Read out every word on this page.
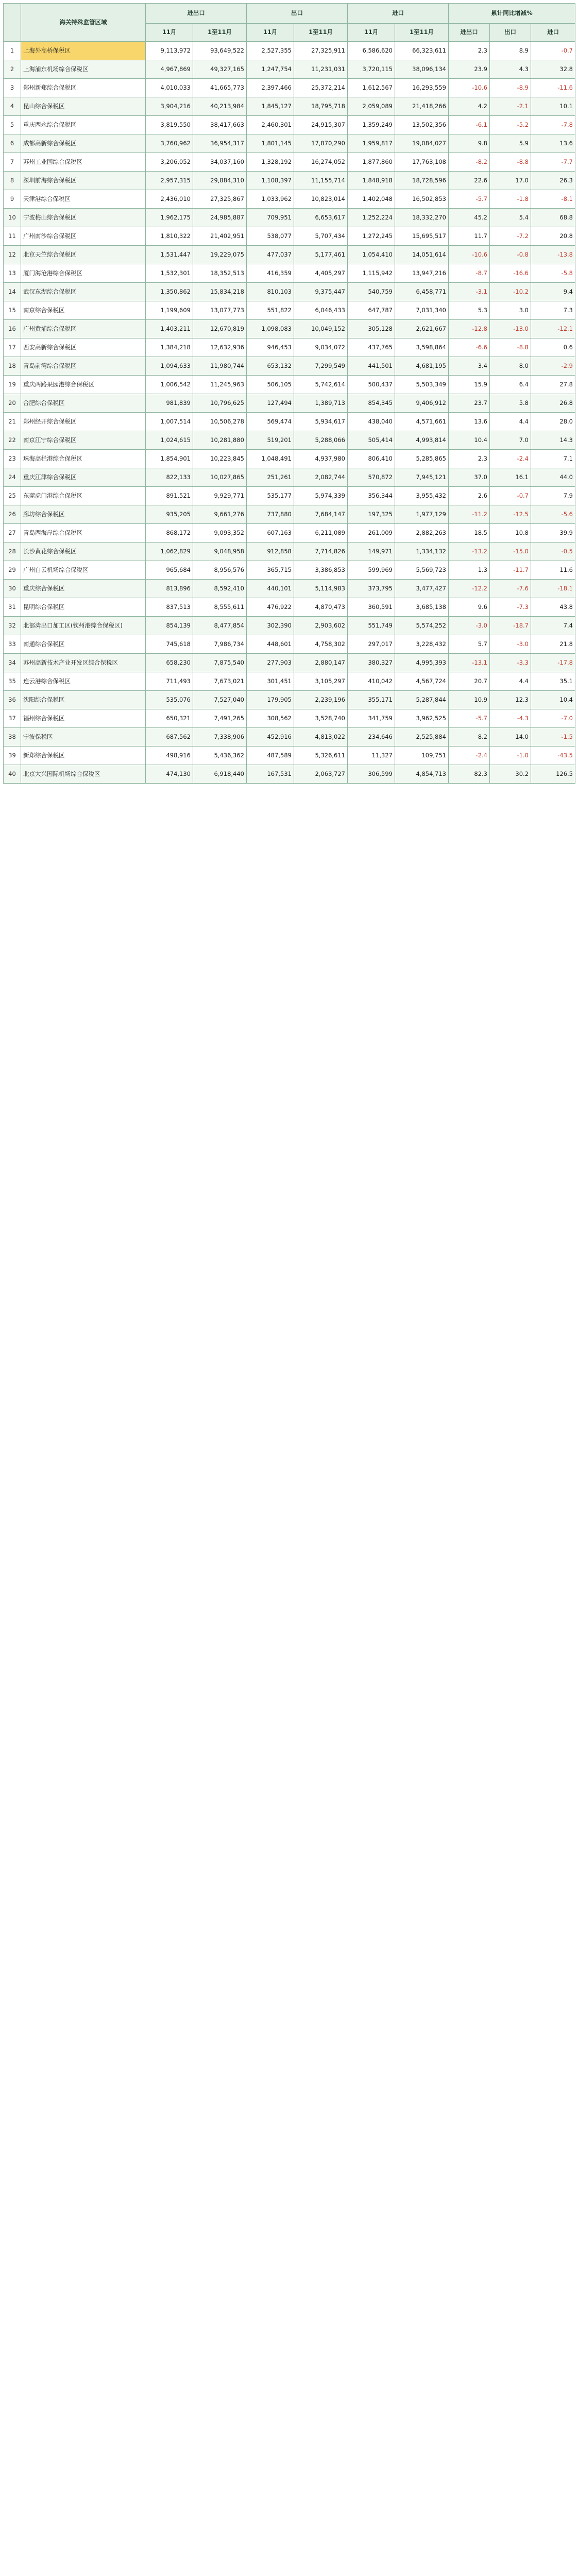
	海关特殊监管区域	进出口		出口		进口		累计同比增减%		
		11月	1至11月	11月	1至11月	11月	1至11月	进出口	出口	进口
1	上海外高桥保税区	9,113,972	93,649,522	2,527,355	27,325,911	6,586,620	66,323,611	2.3	8.9	-0.7
2	上海浦东机场综合保税区	4,967,869	49,327,165	1,247,754	11,231,031	3,720,115	38,096,134	23.9	4.3	32.8
3	郑州新郑综合保税区	4,010,033	41,665,773	2,397,466	25,372,214	1,612,567	16,293,559	-10.6	-8.9	-11.6
4	昆山综合保税区	3,904,216	40,213,984	1,845,127	18,795,718	2,059,089	21,418,266	4.2	-2.1	10.1
5	重庆西永综合保税区	3,819,550	38,417,663	2,460,301	24,915,307	1,359,249	13,502,356	-6.1	-5.2	-7.8
6	成都高新综合保税区	3,760,962	36,954,317	1,801,145	17,870,290	1,959,817	19,084,027	9.8	5.9	13.6
7	苏州工业园综合保税区	3,206,052	34,037,160	1,328,192	16,274,052	1,877,860	17,763,108	-8.2	-8.8	-7.7
8	深圳前海综合保税区	2,957,315	29,884,310	1,108,397	11,155,714	1,848,918	18,728,596	22.6	17.0	26.3
9	天津港综合保税区	2,436,010	27,325,867	1,033,962	10,823,014	1,402,048	16,502,853	-5.7	-1.8	-8.1
10	宁波梅山综合保税区	1,962,175	24,985,887	709,951	6,653,617	1,252,224	18,332,270	45.2	5.4	68.8
11	广州南沙综合保税区	1,810,322	21,402,951	538,077	5,707,434	1,272,245	15,695,517	11.7	-7.2	20.8
12	北京天竺综合保税区	1,531,447	19,229,075	477,037	5,177,461	1,054,410	14,051,614	-10.6	-0.8	-13.8
13	厦门海沧港综合保税区	1,532,301	18,352,513	416,359	4,405,297	1,115,942	13,947,216	-8.7	-16.6	-5.8
14	武汉东湖综合保税区	1,350,862	15,834,218	810,103	9,375,447	540,759	6,458,771	-3.1	-10.2	9.4
15	南京综合保税区	1,199,609	13,077,773	551,822	6,046,433	647,787	7,031,340	5.3	3.0	7.3
16	广州黄埔综合保税区	1,403,211	12,670,819	1,098,083	10,049,152	305,128	2,621,667	-12.8	-13.0	-12.1
17	西安高新综合保税区	1,384,218	12,632,936	946,453	9,034,072	437,765	3,598,864	-6.6	-8.8	0.6
18	青岛前湾综合保税区	1,094,633	11,980,744	653,132	7,299,549	441,501	4,681,195	3.4	8.0	-2.9
19	重庆两路果园港综合保税区	1,006,542	11,245,963	506,105	5,742,614	500,437	5,503,349	15.9	6.4	27.8
20	合肥综合保税区	981,839	10,796,625	127,494	1,389,713	854,345	9,406,912	23.7	5.8	26.8
21	郑州经开综合保税区	1,007,514	10,506,278	569,474	5,934,617	438,040	4,571,661	13.6	4.4	28.0
22	南京江宁综合保税区	1,024,615	10,281,880	519,201	5,288,066	505,414	4,993,814	10.4	7.0	14.3
23	珠海高栏港综合保税区	1,854,901	10,223,845	1,048,491	4,937,980	806,410	5,285,865	2.3	-2.4	7.1
24	重庆江津综合保税区	822,133	10,027,865	251,261	2,082,744	570,872	7,945,121	37.0	16.1	44.0
25	东莞虎门港综合保税区	891,521	9,929,771	535,177	5,974,339	356,344	3,955,432	2.6	-0.7	7.9
26	廊坊综合保税区	935,205	9,661,276	737,880	7,684,147	197,325	1,977,129	-11.2	-12.5	-5.6
27	青岛西海岸综合保税区	868,172	9,093,352	607,163	6,211,089	261,009	2,882,263	18.5	10.8	39.9
28	长沙黄花综合保税区	1,062,829	9,048,958	912,858	7,714,826	149,971	1,334,132	-13.2	-15.0	-0.5
29	广州白云机场综合保税区	965,684	8,956,576	365,715	3,386,853	599,969	5,569,723	1.3	-11.7	11.6
30	重庆综合保税区	813,896	8,592,410	440,101	5,114,983	373,795	3,477,427	-12.2	-7.6	-18.1
31	昆明综合保税区	837,513	8,555,611	476,922	4,870,473	360,591	3,685,138	9.6	-7.3	43.8
32	北部湾出口加工区(钦州港综合保税区)	854,139	8,477,854	302,390	2,903,602	551,749	5,574,252	-3.0	-18.7	7.4
33	南通综合保税区	745,618	7,986,734	448,601	4,758,302	297,017	3,228,432	5.7	-3.0	21.8
34	苏州高新技术产业开发区综合保税区	658,230	7,875,540	277,903	2,880,147	380,327	4,995,393	-13.1	-3.3	-17.8
35	连云港综合保税区	711,493	7,673,021	301,451	3,105,297	410,042	4,567,724	20.7	4.4	35.1
36	沈阳综合保税区	535,076	7,527,040	179,905	2,239,196	355,171	5,287,844	10.9	12.3	10.4
37	福州综合保税区	650,321	7,491,265	308,562	3,528,740	341,759	3,962,525	-5.7	-4.3	-7.0
38	宁波保税区	687,562	7,338,906	452,916	4,813,022	234,646	2,525,884	8.2	14.0	-1.5
39	新郑综合保税区	498,916	5,436,362	487,589	5,326,611	11,327	109,751	-2.4	-1.0	-43.5
40	北京大兴国际机场综合保税区	474,130	6,918,440	167,531	2,063,727	306,599	4,854,713	82.3	30.2	126.5
